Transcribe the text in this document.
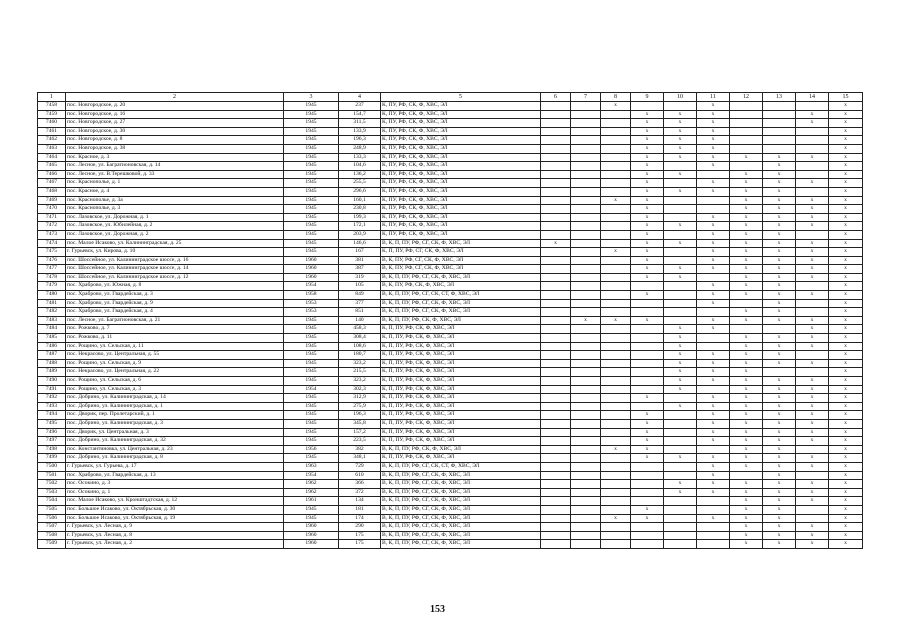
1	2	3	4	5	6	7	8	9	10	11	12	13	14	15
7458	пос. Новгородское, д. 20	1945	237	К, ПУ, РФ, СК, Ф, ХВС, ЭЛ			x			x				x
7459	пос. Новгородское, д. 16	1945	154,7	К, ПУ, РФ, СК, Ф, ХВС, ЭЛ				x	x	x			x	x
7460	пос. Новгородское, д. 27	1945	311,5	К, ПУ, РФ, СК, Ф, ХВС, ЭЛ				x	x	x			x	x
7461	пос. Новгородское, д. 30	1945	133,9	К, ПУ, РФ, СК, Ф, ХВС, ЭЛ				x	x	x				x
7462	пос. Новгородское, д. 8	1945	196,3	К, ПУ, РФ, СК, Ф, ХВС, ЭЛ				x	x	x				x
7463	пос. Новгородское, д. 38	1945	248,9	К, ПУ, РФ, СК, Ф, ХВС, ЭЛ				x	x	x				x
7464	пос. Красное, д. 3	1945	133,3	К, ПУ, РФ, СК, Ф, ХВС, ЭЛ				x	x	x	x	x	x	x
7465	пос. Лесное, ул. Багратионовская, д. 14	1945	104,6	К, ПУ, РФ, СК, Ф, ХВС, ЭЛ				x		x		x		x
7466	пос. Лесное, ул. В.Терешковой, д. 33	1945	136,2	К, ПУ, РФ, СК, Ф, ХВС, ЭЛ				x	x		x	x		x
7467	пос. Краснополье, д. 1	1945	255,5	К, ПУ, РФ, СК, Ф, ХВС, ЭЛ				x		x	x	x	x	x
7468	пос. Красное, д. 4	1945	296,6	К, ПУ, РФ, СК, Ф, ХВС, ЭЛ				x	x	x	x	x		x
7469	пос. Краснополье, д. 3а	1945	160,1	К, ПУ, РФ, СК, Ф, ХВС, ЭЛ			x	x			x	x	x	x
7470	пос. Краснополье, д. 3	1945	230,8	К, ПУ, РФ, СК, Ф, ХВС, ЭЛ				x			x	x	x	x
7471	пос. Лазовское, ул. Дорожная, д. 1	1945	199,3	К, ПУ, РФ, СК, Ф, ХВС, ЭЛ				x		x	x	x	x	x
7472	пос. Лазовское, ул. Юбилейная, д. 2	1945	172,1	К, ПУ, РФ, СК, Ф, ХВС, ЭЛ				x	x	x	x	x	x	x
7473	пос. Лазовское, ул. Дорожная, д. 2	1945	203,9	К, ПУ, РФ, СК, Ф, ХВС, ЭЛ				x		x	x	x		x
7474	пос. Малое Исаково, ул. Калининградская, д. 25	1945	146,6	В, К, П, ПУ, РФ, СГ, СК, Ф, ХВС, ЭЛ	x			x	x	x	x	x	x	x
7475	г. Гурьевск, ул. Кирова, д. 10	1945	167	К, П, ПУ, РФ, СГ, СК, Ф, ХВС, ЭЛ			x	x		x	x	x	x	x
7476	пос. Шоссейное, ул. Калининградское шоссе, д. 16	1960	381	В, К, ПУ, РФ, СГ, СК, Ф, ХВС, ЭЛ				x		x	x	x	x	x
7477	пос. Шоссейное, ул. Калининградское шоссе, д. 14	1960	387	В, К, ПУ, РФ, СГ, СК, Ф, ХВС, ЭЛ				x	x	x	x	x	x	x
7478	пос. Шоссейное, ул. Калининградское шоссе, д. 12	1960	319	В, К, П, ПУ, РФ, СГ, СК, Ф, ХВС, ЭЛ				x	x		x	x	x	x
7479	пос. Храброво, ул. Южная, д. 8	1954	105	В, К, ПУ, РФ, СК, Ф, ХВС, ЭЛ						x	x	x		x
7480	пос. Храброво, ул. Гвардейская, д. 3	1958	849	В, К, П, ПУ, РФ, СГ, СК, СТ, Ф, ХВС, ЭЛ				x		x	x	x	x	x
7481	пос. Храброво, ул. Гвардейская, д. 9	1953	377	В, К, П, ПУ, РФ, СГ, СК, Ф, ХВС, ЭЛ						x		x		x
7482	пос. Храброво, ул. Гвардейская, д. 4	1953	851	В, К, П, ПУ, РФ, СГ, СК, Ф, ХВС, ЭЛ							x	x		x
7483	пос. Лесное, ул. Багратионовская, д. 21	1945	140	В, К, П, ПУ, РФ, СК, Ф, ХВС, ЭЛ		x	x	x		x	x	x	x	x
7484	пос. Рожково, д. 7	1945	458,3	К, П, ПУ, РФ, СК, Ф, ХВС, ЭЛ					x	x			x	x
7485	пос. Рожково, д. 11	1945	308,4	К, П, ПУ, РФ, СК, Ф, ХВС, ЭЛ					x		x	x	x	x
7486	пос. Рощино, ул. Сельская, д. 11	1945	108,6	К, П, ПУ, РФ, СК, Ф, ХВС, ЭЛ					x		x	x	x	x
7487	пос. Некрасово, ул. Центральная, д. 55	1945	180,7	К, П, ПУ, РФ, СК, Ф, ХВС, ЭЛ					x	x	x	x		x
7488	пос. Рощино, ул. Сельская, д. 9	1945	323,2	К, П, ПУ, РФ, СК, Ф, ХВС, ЭЛ					x	x	x	x	x	x
7489	пос. Некрасово, ул. Центральная, д. 22	1945	215,5	К, П, ПУ, РФ, СК, Ф, ХВС, ЭЛ					x	x	x			x
7490	пос. Рощино, ул. Сельская, д. 6	1945	323,2	К, П, ПУ, РФ, СК, Ф, ХВС, ЭЛ					x	x	x	x	x	x
7491	пос. Рощино, ул. Сельская, д. 3	1954	302,3	К, П, ПУ, РФ, СК, Ф, ХВС, ЭЛ					x		x	x	x	x
7492	пос. Добрино, ул. Калининградская, д. 14	1945	312,9	К, П, ПУ, РФ, СК, Ф, ХВС, ЭЛ				x		x	x	x	x	x
7493	пос. Добрино, ул. Калининградская, д. 1	1945	275,9	К, П, ПУ, РФ, СК, Ф, ХВС, ЭЛ					x	x	x	x	x	x
7494	пос. Дворик, пер. Пролетарский, д. 1	1945	196,3	К, П, ПУ, РФ, СК, Ф, ХВС, ЭЛ				x		x	x	x	x	x
7495	пос. Добрино, ул. Калининградская, д. 3	1945	345,8	К, П, ПУ, РФ, СК, Ф, ХВС, ЭЛ				x		x	x	x	x	x
7496	пос. Дворик, ул. Центральная, д. 3	1945	157,2	К, П, ПУ, РФ, СК, Ф, ХВС, ЭЛ				x		x	x	x	x	x
7497	пос. Добрино, ул. Калининградская, д. 32	1945	223,5	К, П, ПУ, РФ, СК, Ф, ХВС, ЭЛ				x		x	x	x	x	x
7498	пос. Константиновка, ул. Центральная, д. 23	1956	382	В, К, П, ПУ, РФ, СК, Ф, ХВС, ЭЛ			x	x			x	x		x
7499	пос. Добрино, ул. Калининградская, д. 8	1945	348,1	К, П, ПУ, РФ, СК, Ф, ХВС, ЭЛ				x	x	x	x	x	x	x
7500	г. Гурьевск, ул. Гурьева, д. 17	1963	729	В, К, П, ПУ, РФ, СГ, СК, СТ, Ф, ХВС, ЭЛ						x	x	x	x	x
7501	пос. Храброво, ул. Гвардейская, д. 13	1954	610	В, К, П, ПУ, РФ, СГ, СК, Ф, ХВС, ЭЛ						x		x		x
7502	пос. Осокино, д. 3	1962	366	В, К, П, ПУ, РФ, СГ, СК, Ф, ХВС, ЭЛ					x	x	x	x	x	x
7503	пос. Осокино, д. 1	1962	372	В, К, П, ПУ, РФ, СГ, СК, Ф, ХВС, ЭЛ					x	x	x	x	x	x
7504	пос. Малое Исаково, ул. Кронштадтская, д. 12	1961	134	В, К, П, ПУ, РФ, СГ, СК, Ф, ХВС, ЭЛ							x	x	x	x
7505	пос. Большое Исаково, ул. Октябрьская, д. 30	1945	181	В, К, П, ПУ, РФ, СГ, СК, Ф, ХВС, ЭЛ				x			x	x		x
7506	пос. Большое Исаково, ул. Октябрьская, д. 19	1945	174	В, К, П, ПУ, РФ, СГ, СК, Ф, ХВС, ЭЛ			x	x		x	x	x		x
7507	г. Гурьевск, ул. Лесная, д. 9	1960	290	В, К, П, ПУ, РФ, СГ, СК, Ф, ХВС, ЭЛ							x	x	x	x
7508	г. Гурьевск, ул. Лесная, д. 8	1960	175	В, К, П, ПУ, РФ, СГ, СК, Ф, ХВС, ЭЛ							x	x	x	x
7509	г. Гурьевск, ул. Лесная, д. 2	1960	175	В, К, П, ПУ, РФ, СГ, СК, Ф, ХВС, ЭЛ							x	x	x	x
153
